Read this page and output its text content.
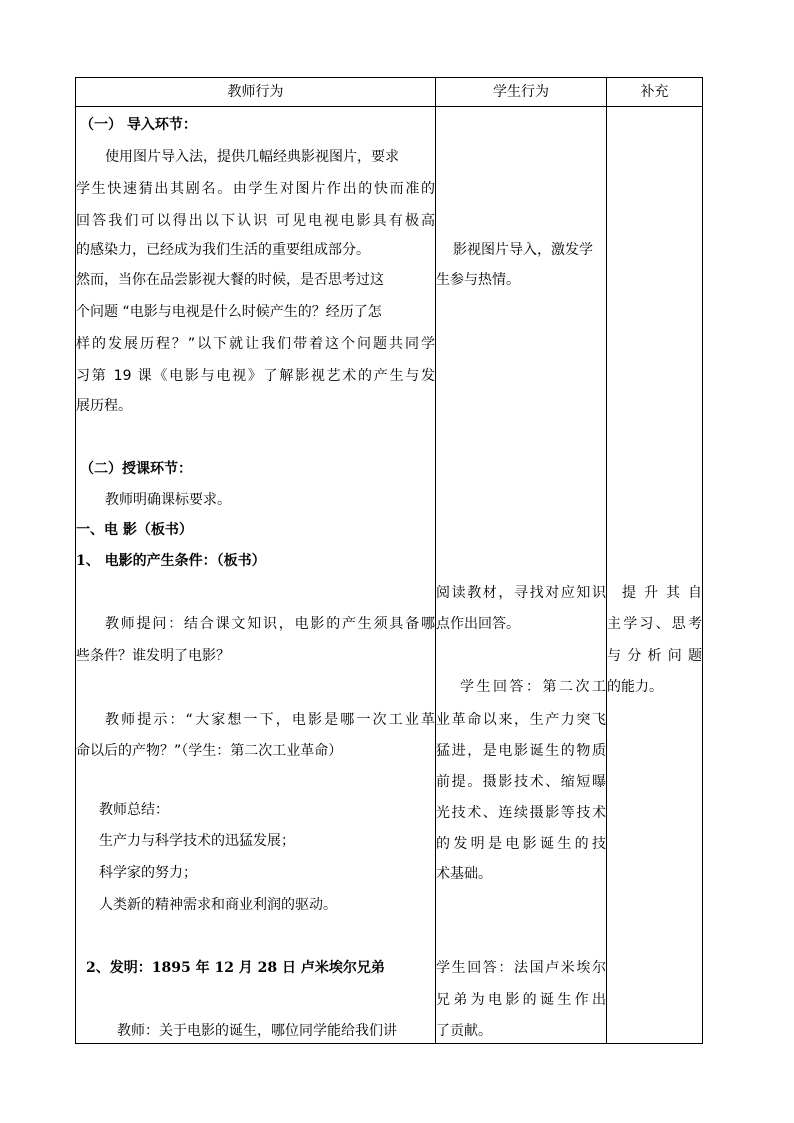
教师行为	学生行为	补充
（一） 导入环节：
使用图片导入法，提供几幅经典影视图片，要求
学生快速猜出其剧名。由学生对图片作出的快而准的
回答我们可以得出以下认识 可见电视电影具有极高
的感染力，已经成为我们生活的重要组成部分。
然而，当你在品尝影视大餐的时候，是否思考过这
个问题 “电影与电视是什么时候产生的？经历了怎
样的发展历程？”以下就让我们带着这个问题共同学
习第 19 课《电影与电视》了解影视艺术的产生与发
展历程。
（二）授课环节：
教师明确课标要求。
一、电 影（板书）
1、 电影的产生条件：（板书）
教师提问：结合课文知识，电影的产生须具备哪
些条件？谁发明了电影？
教师提示：“大家想一下，电影是哪一次工业革
命以后的产物？”（学生：第二次工业革命）
教师总结：
生产力与科学技术的迅猛发展；
科学家的努力；
人类新的精神需求和商业利润的驱动。
2、发明：1895 年 12 月 28 日 卢米埃尔兄弟
教师：关于电影的诞生，哪位同学能给我们讲
影视图片导入，激发学
生参与热情。
阅读教材，寻找对应知识
点作出回答。
学生回答：第二次工
业革命以来，生产力突飞
猛进，是电影诞生的物质
前提。摄影技术、缩短曝
光技术、连续摄影等技术
的发明是电影诞生的技
术基础。
学生回答：法国卢米埃尔
兄弟为电影的诞生作出
了贡献。
提 升 其 自
主学习、思考
与 分 析 问 题
的能力。
